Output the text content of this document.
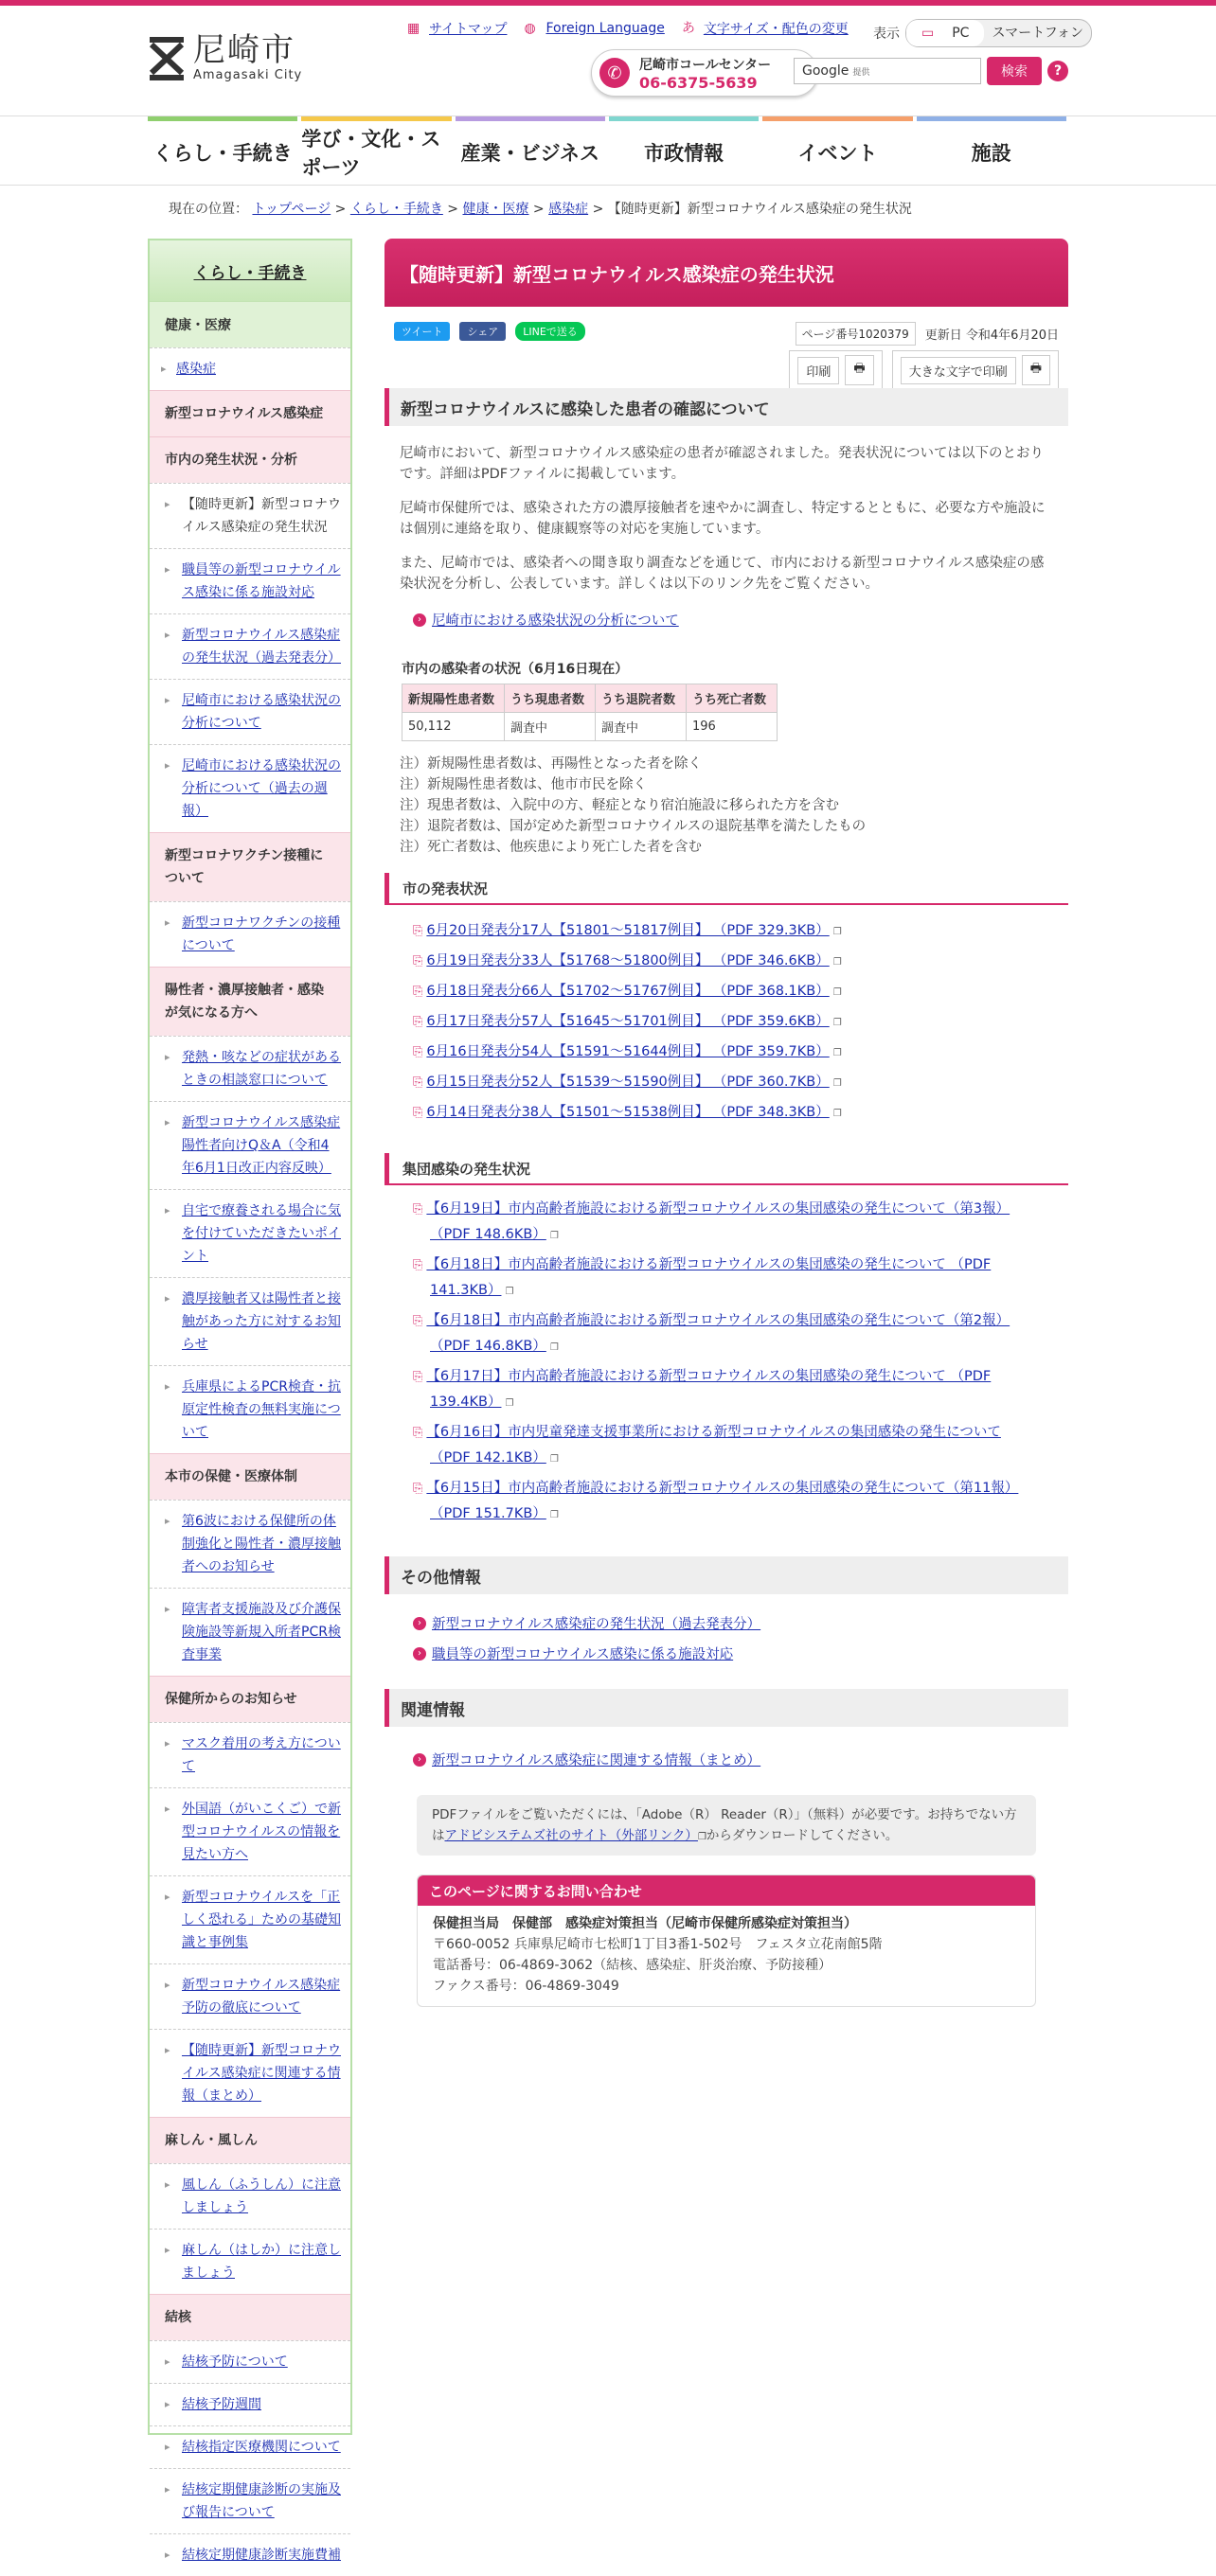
尼崎市
Amagasaki City
▦ サイトマップ ◍ Foreign Language あ 文字サイズ・配色の変更 表示	▭	PC	スマートフォン
✆	尼崎市コールセンター
06-6375-5639
Google 提供	検索	?
くらし・手続き
学び・文化・スポーツ
産業・ビジネス	市政情報	イベント	施設
現在の位置： トップページ > くらし・手続き > 健康・医療 > 感染症 > 【随時更新】新型コロナウイルス感染症の発生状況
くらし・手続き
健康・医療
▸ 感染症
新型コロナウイルス感染症
市内の発生状況・分析
▸ 【随時更新】新型コロナウイルス感染症の発生状況
▸ 職員等の新型コロナウイルス感染に係る施設対応
▸ 新型コロナウイルス感染症の発生状況（過去発表分）
▸ 尼崎市における感染状況の分析について
▸ 尼崎市における感染状況の分析について（過去の週報）
新型コロナワクチン接種について
▸ 新型コロナワクチンの接種について
陽性者・濃厚接触者・感染が気になる方へ
▸ 発熱・咳などの症状があるときの相談窓口について
▸ 新型コロナウイルス感染症陽性者向けQ＆A（令和4年6月1日改正内容反映）
▸ 自宅で療養される場合に気を付けていただきたいポイント
▸ 濃厚接触者又は陽性者と接触があった方に対するお知らせ
▸ 兵庫県によるPCR検査・抗原定性検査の無料実施について
本市の保健・医療体制
▸ 第6波における保健所の体制強化と陽性者・濃厚接触者へのお知らせ
▸ 障害者支援施設及び介護保険施設等新規入所者PCR検査事業
保健所からのお知らせ
▸ マスク着用の考え方について
▸ 外国語（がいこくご）で新型コロナウイルスの情報を見たい方へ
▸ 新型コロナウイルスを「正しく恐れる」ための基礎知識と事例集
▸ 新型コロナウイルス感染症予防の徹底について
▸ 【随時更新】新型コロナウイルス感染症に関連する情報（まとめ）
麻しん・風しん
▸ 風しん（ふうしん）に注意しましょう
▸ 麻しん（はしか）に注意しましょう
結核
▸ 結核予防について
▸ 結核予防週間
▸ 結核指定医療機関について
▸ 結核定期健康診断の実施及び報告について
▸ 結核定期健康診断実施費補
【随時更新】新型コロナウイルス感染症の発生状況
ツイート	シェア	LINEで送る	ページ番号1020379	更新日 令和4年6月20日
印刷	🖶	大きな文字で印刷	🖶
新型コロナウイルスに感染した患者の確認について
尼崎市において、新型コロナウイルス感染症の患者が確認されました。発表状況については以下のとおりです。詳細はPDFファイルに掲載しています。
尼崎市保健所では、感染された方の濃厚接触者を速やかに調査し、特定するとともに、必要な方や施設には個別に連絡を取り、健康観察等の対応を実施しています。
また、尼崎市では、感染者への聞き取り調査などを通じて、市内における新型コロナウイルス感染症の感染状況を分析し、公表しています。詳しくは以下のリンク先をご覧ください。
› 尼崎市における感染状況の分析について
市内の感染者の状況（6月16日現在）
新規陽性患者数	うち現患者数	うち退院者数	うち死亡者数
50,112	調査中	調査中	196
注）新規陽性患者数は、再陽性となった者を除く
注）新規陽性患者数は、他市市民を除く
注）現患者数は、入院中の方、軽症となり宿泊施設に移られた方を含む
注）退院者数は、国が定めた新型コロナウイルスの退院基準を満たしたもの
注）死亡者数は、他疾患により死亡した者を含む
市の発表状況
⎘ 6月20日発表分17人【51801～51817例目】 （PDF 329.3KB） ❐
⎘ 6月19日発表分33人【51768～51800例目】 （PDF 346.6KB） ❐
⎘ 6月18日発表分66人【51702～51767例目】 （PDF 368.1KB） ❐
⎘ 6月17日発表分57人【51645～51701例目】 （PDF 359.6KB） ❐
⎘ 6月16日発表分54人【51591～51644例目】 （PDF 359.7KB） ❐
⎘ 6月15日発表分52人【51539～51590例目】 （PDF 360.7KB） ❐
⎘ 6月14日発表分38人【51501～51538例目】 （PDF 348.3KB） ❐
集団感染の発生状況
⎘ 【6月19日】市内高齢者施設における新型コロナウイルスの集団感染の発生について（第3報）
（PDF 148.6KB） ❐
⎘ 【6月18日】市内高齢者施設における新型コロナウイルスの集団感染の発生について （PDF
141.3KB） ❐
⎘ 【6月18日】市内高齢者施設における新型コロナウイルスの集団感染の発生について（第2報）
（PDF 146.8KB） ❐
⎘ 【6月17日】市内高齢者施設における新型コロナウイルスの集団感染の発生について （PDF
139.4KB） ❐
⎘ 【6月16日】市内児童発達支援事業所における新型コロナウイルスの集団感染の発生について
（PDF 142.1KB） ❐
⎘ 【6月15日】市内高齢者施設における新型コロナウイルスの集団感染の発生について（第11報）
（PDF 151.7KB） ❐
その他情報
› 新型コロナウイルス感染症の発生状況（過去発表分）
› 職員等の新型コロナウイルス感染に係る施設対応
関連情報
› 新型コロナウイルス感染症に関連する情報（まとめ）
PDFファイルをご覧いただくには、「Adobe（R） Reader（R）」（無料）が必要です。お持ちでない方はアドビシステムズ社のサイト（外部リンク）❐からダウンロードしてください。
このページに関するお問い合わせ
保健担当局　保健部　感染症対策担当（尼崎市保健所感染症対策担当）
〒660-0052 兵庫県尼崎市七松町1丁目3番1-502号　フェスタ立花南館5階
電話番号：06-4869-3062（結核、感染症、肝炎治療、予防接種）
ファクス番号：06-4869-3049
